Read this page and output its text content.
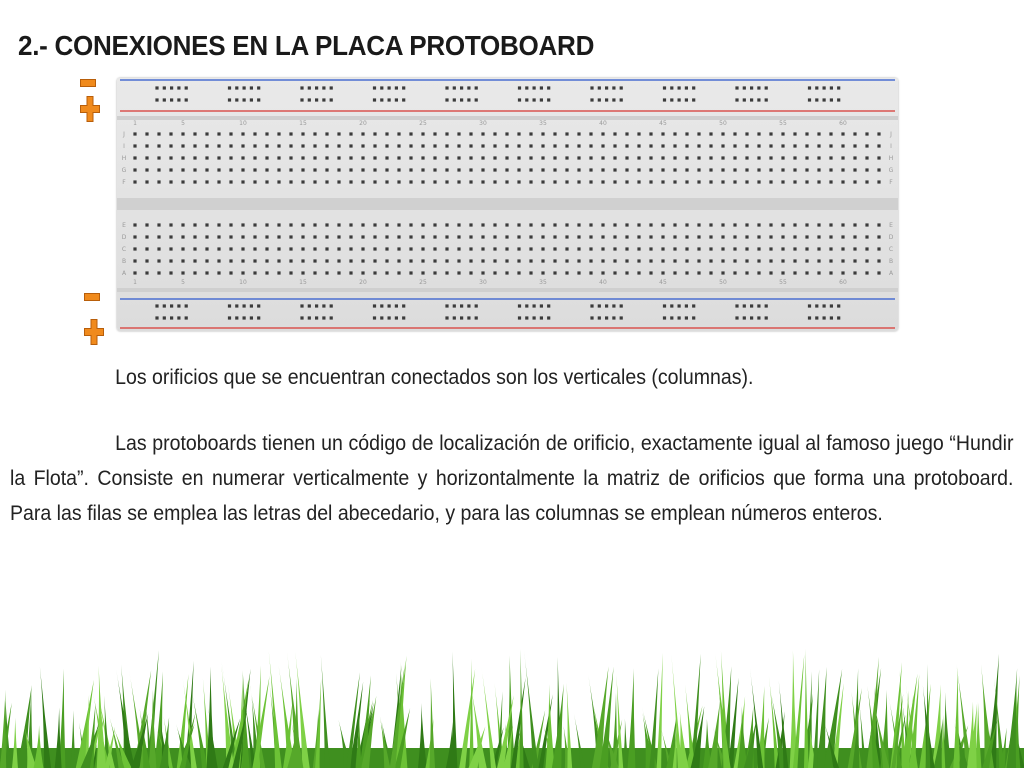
2.- CONEXIONES EN LA PLACA PROTOBOARD
J	J
I	I
H	H
G	G
F	F
E	E
D	D
C	C
B	B
A	A
1
1
5
5
10
10
15
15
20
20
25
25
30
30
35
35
40
40
45
45
50
50
55
55
60
60

Los orificios que se encuentran conectados son los verticales (columnas).

Las protoboards tienen un código de localización de orificio, exactamente igual al famoso juego “Hundir la Flota”. Consiste en numerar verticalmente y horizontalmente la matriz de orificios que forma una protoboard. Para las filas se emplea las letras del abecedario, y para las columnas se emplean números enteros.
